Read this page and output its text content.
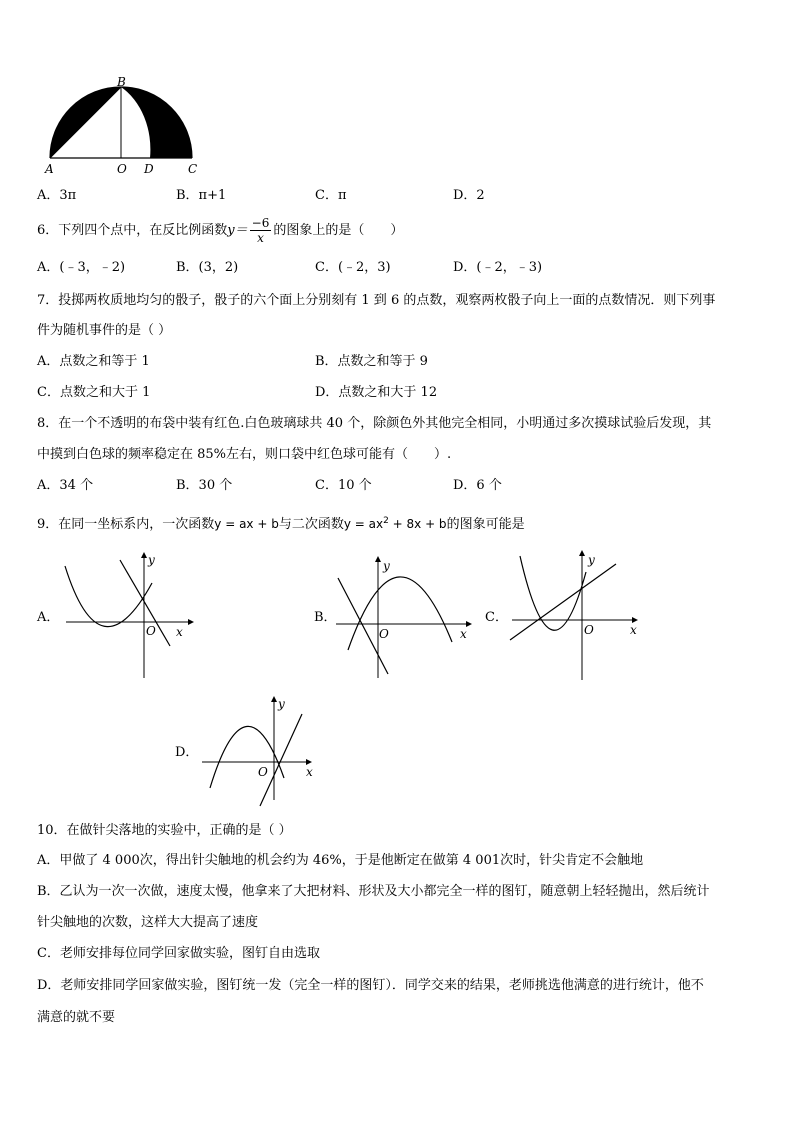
B
A	O D	C
A．3π	B．π+1	C．π	D．2
6．下列四个点中，在反比例函数$y= \frac{-6}{x}$ 的图象上的是（　　）
A．(﹣3，﹣2)	B．(3，2)	C．(﹣2，3)	D．(﹣2，﹣3)
7．投掷两枚质地均匀的骰子，骰子的六个面上分别刻有 1 到 6 的点数，观察两枚骰子向上一面的点数情况．则下列事
件为随机事件的是（ ）
A．点数之和等于 1	B．点数之和等于 9
C．点数之和大于 1	D．点数之和大于 12
8．在一个不透明的布袋中装有红色.白色玻璃球共 40 个，除颜色外其他完全相同，小明通过多次摸球试验后发现，其
中摸到白色球的频率稳定在 85%左右，则口袋中红色球可能有（　　）.
A．34 个	B．30 个	C．10 个	D．6 个
9．在同一坐标系内，一次函数y = ax + b与二次函数$y = ax^2 + 8x + b$的图象可能是
A．
y
x
O
B．
y
x
O
C．
y
x
O
D．
y
x
O
10．在做针尖落地的实验中，正确的是（ ）
A．甲做了 4 000次，得出针尖触地的机会约为 46%，于是他断定在做第 4 001次时，针尖肯定不会触地
B．乙认为一次一次做，速度太慢，他拿来了大把材料、形状及大小都完全一样的图钉，随意朝上轻轻抛出，然后统计
针尖触地的次数，这样大大提高了速度
C．老师安排每位同学回家做实验，图钉自由选取
D．老师安排同学回家做实验，图钉统一发（完全一样的图钉）．同学交来的结果，老师挑选他满意的进行统计，他不
满意的就不要
